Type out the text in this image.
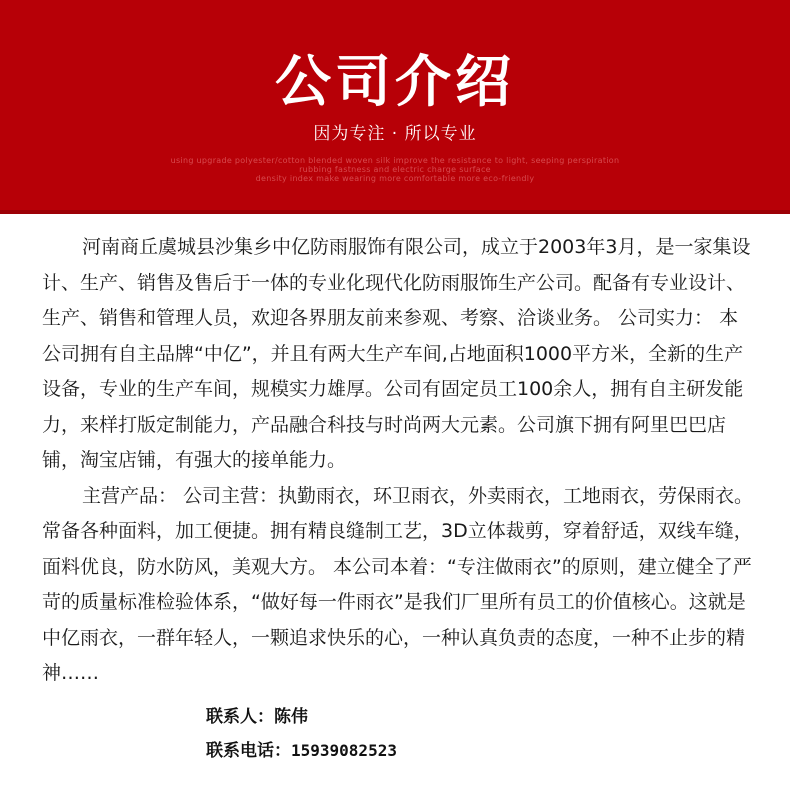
公司介绍
因为专注 · 所以专业
using upgrade polyester/cotton blended woven silk improve the resistance to light, seeping perspiration
rubbing fastness and electric charge surface
density index make wearing more comfortable more eco-friendly

河南商丘虞城县沙集乡中亿防雨服饰有限公司，成立于2003年3月，是一家集设计、生产、销售及售后于一体的专业化现代化防雨服饰生产公司。配备有专业设计、生产、销售和管理人员，欢迎各界朋友前来参观、考察、洽谈业务。 公司实力： 本公司拥有自主品牌“中亿”，并且有两大生产车间,占地面积1000平方米，全新的生产设备，专业的生产车间，规模实力雄厚。公司有固定员工100余人，拥有自主研发能力，来样打版定制能力，产品融合科技与时尚两大元素。公司旗下拥有阿里巴巴店铺，淘宝店铺，有强大的接单能力。

主营产品： 公司主营：执勤雨衣，环卫雨衣，外卖雨衣，工地雨衣，劳保雨衣。常备各种面料，加工便捷。拥有精良缝制工艺，3D立体裁剪，穿着舒适，双线车缝，面料优良，防水防风，美观大方。 本公司本着：“专注做雨衣”的原则，建立健全了严苛的质量标准检验体系，“做好每一件雨衣”是我们厂里所有员工的价值核心。这就是中亿雨衣，一群年轻人，一颗追求快乐的心，一种认真负责的态度，一种不止步的精神……

联系人：陈伟
联系电话：15939082523
